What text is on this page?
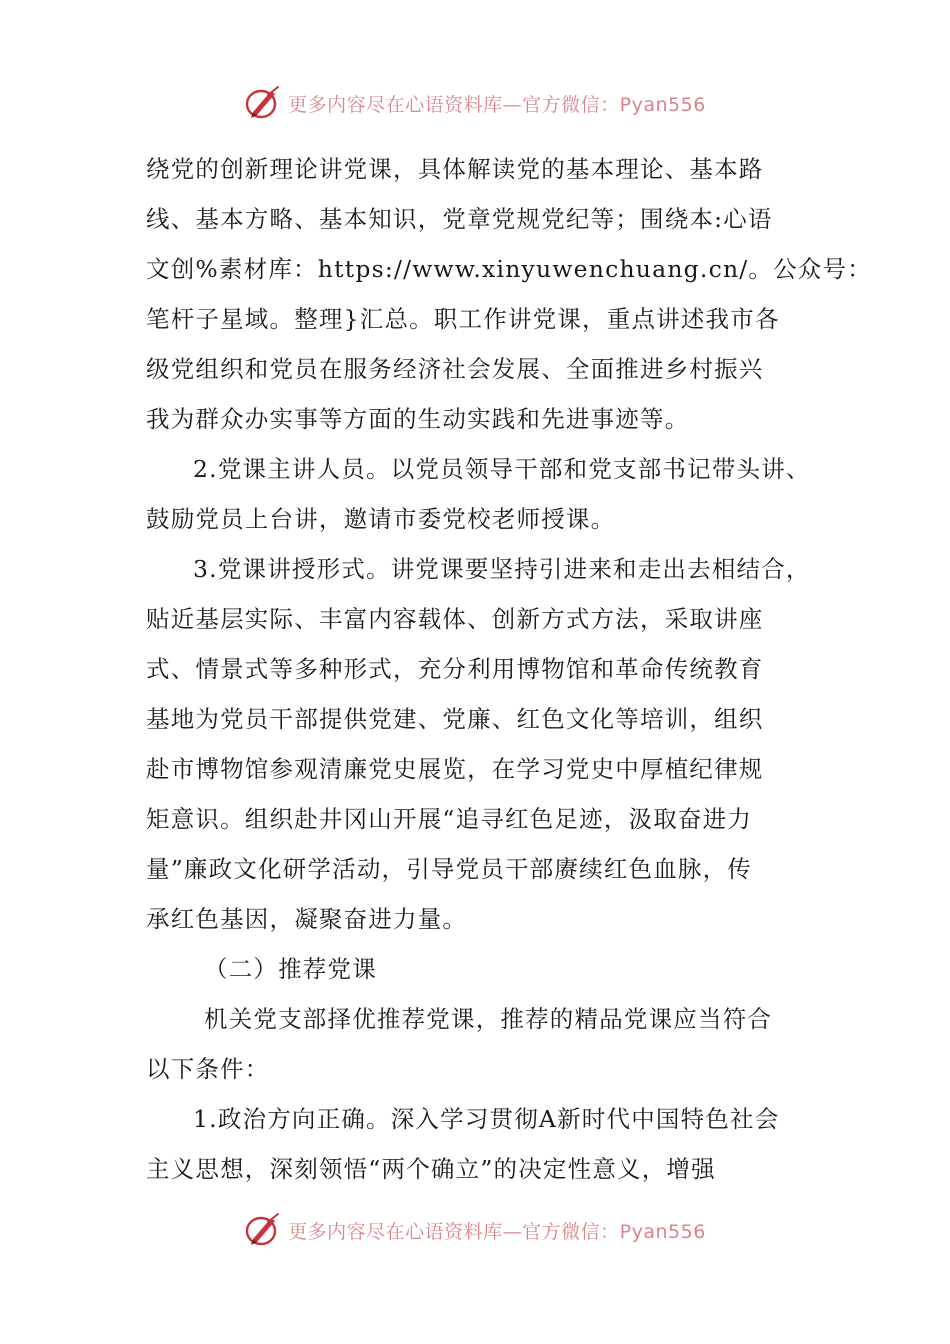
更多内容尽在心语资料库—官方微信：Pyan556

绕党的创新理论讲党课，具体解读党的基本理论、基本路
线、基本方略、基本知识，党章党规党纪等；围绕本:心语
文创%素材库：https://www.xinyuwenchuang.cn/。公众号：
笔杆子星域。整理}汇总。职工作讲党课，重点讲述我市各
级党组织和党员在服务经济社会发展、全面推进乡村振兴
我为群众办实事等方面的生动实践和先进事迹等。

2.党课主讲人员。以党员领导干部和党支部书记带头讲、
鼓励党员上台讲，邀请市委党校老师授课。

3.党课讲授形式。讲党课要坚持引进来和走出去相结合，
贴近基层实际、丰富内容载体、创新方式方法，采取讲座
式、情景式等多种形式，充分利用博物馆和革命传统教育
基地为党员干部提供党建、党廉、红色文化等培训，组织
赴市博物馆参观清廉党史展览，在学习党史中厚植纪律规
矩意识。组织赴井冈山开展“追寻红色足迹，汲取奋进力
量”廉政文化研学活动，引导党员干部赓续红色血脉，传
承红色基因，凝聚奋进力量。

（二）推荐党课

机关党支部择优推荐党课，推荐的精品党课应当符合
以下条件：

1.政治方向正确。深入学习贯彻A新时代中国特色社会
主义思想，深刻领悟“两个确立”的决定性意义，增强

更多内容尽在心语资料库—官方微信：Pyan556
